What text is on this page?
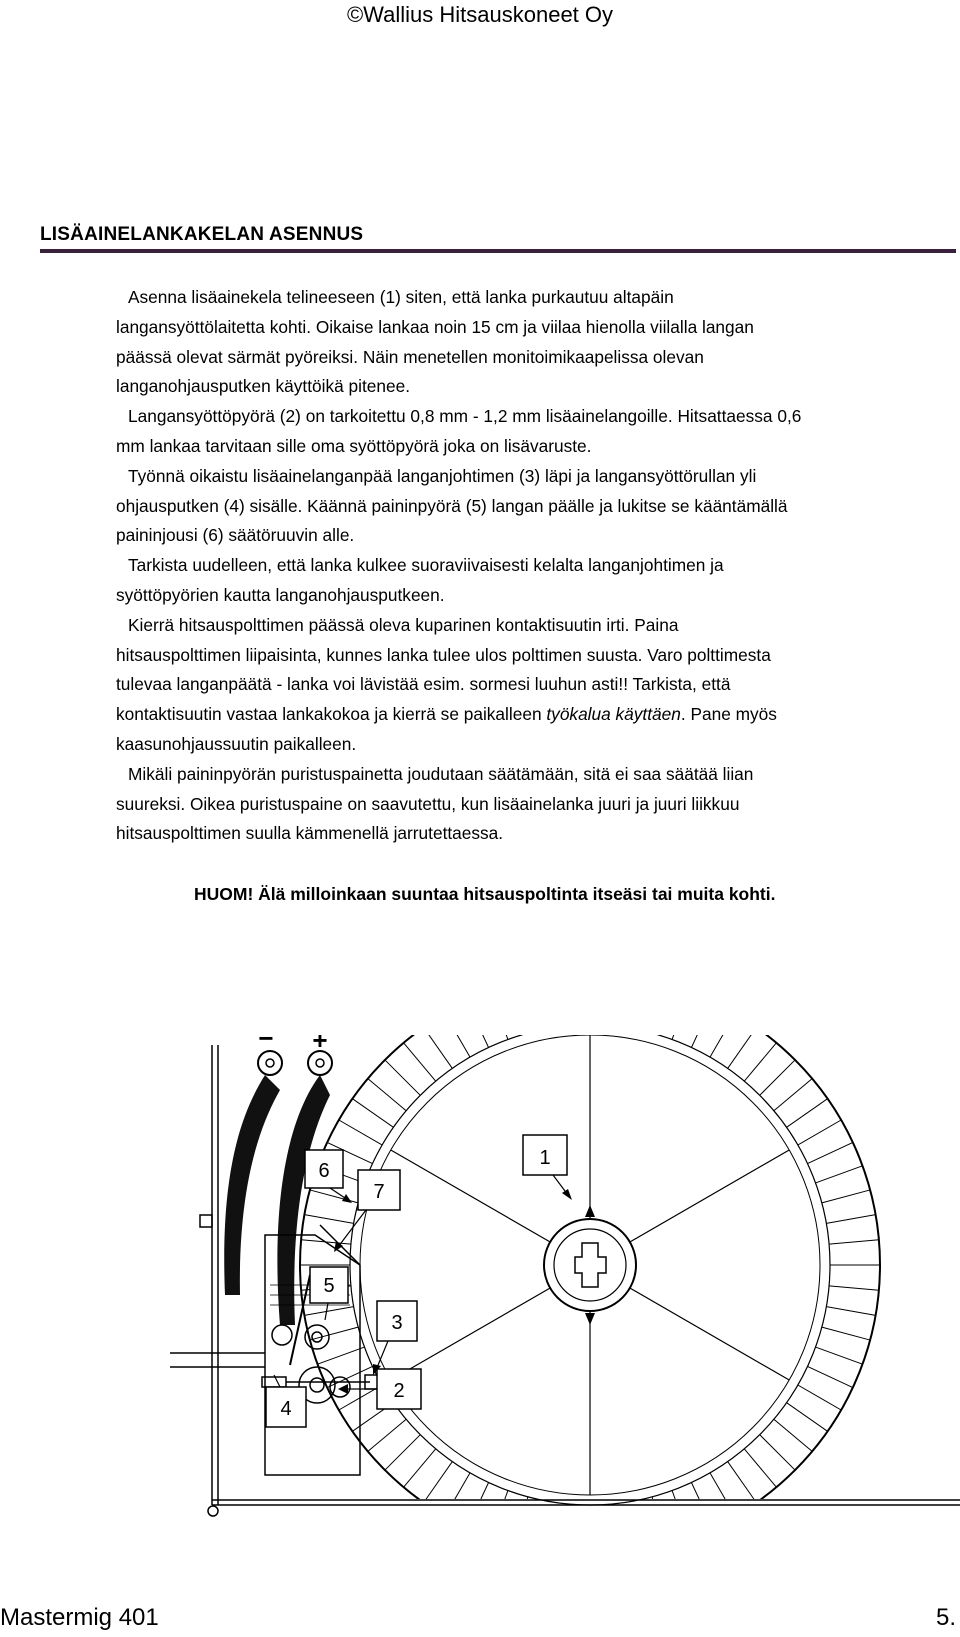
©Wallius Hitsauskoneet Oy
LISÄAINELANKAKELAN ASENNUS

Asenna lisäainekela telineeseen (1) siten, että lanka purkautuu altapäin
langansyöttölaitetta kohti. Oikaise lankaa noin 15 cm ja viilaa hienolla viilalla langan
päässä olevat särmät pyöreiksi. Näin menetellen monitoimikaapelissa olevan
langanohjausputken käyttöikä pitenee.

Langansyöttöpyörä (2) on tarkoitettu 0,8 mm - 1,2 mm lisäainelangoille. Hitsattaessa 0,6
mm lankaa tarvitaan sille oma syöttöpyörä joka on lisävaruste.

Työnnä oikaistu lisäainelanganpää langanjohtimen (3) läpi ja langansyöttörullan yli
ohjausputken (4) sisälle. Käännä paininpyörä (5) langan päälle ja lukitse se kääntämällä
paininjousi (6) säätöruuvin alle.

Tarkista uudelleen, että lanka kulkee suoraviivaisesti kelalta langanjohtimen ja
syöttöpyörien kautta langanohjausputkeen.

Kierrä hitsauspolttimen päässä oleva kuparinen kontaktisuutin irti. Paina
hitsauspolttimen liipaisinta, kunnes lanka tulee ulos polttimen suusta. Varo polttimesta
tulevaa langanpäätä - lanka voi lävistää esim. sormesi luuhun asti!! Tarkista, että
kontaktisuutin vastaa lankakokoa ja kierrä se paikalleen työkalua käyttäen. Pane myös
kaasunohjaussuutin paikalleen.

Mikäli paininpyörän puristuspainetta joudutaan säätämään, sitä ei saa säätää liian
suureksi. Oikea puristuspaine on saavutettu, kun lisäainelanka juuri ja juuri liikkuu
hitsauspolttimen suulla kämmenellä jarrutettaessa.

HUOM! Älä milloinkaan suuntaa hitsauspoltinta itseäsi tai muita kohti.
− +
1
6
7
5
3
2
4
Mastermig 401	5.
